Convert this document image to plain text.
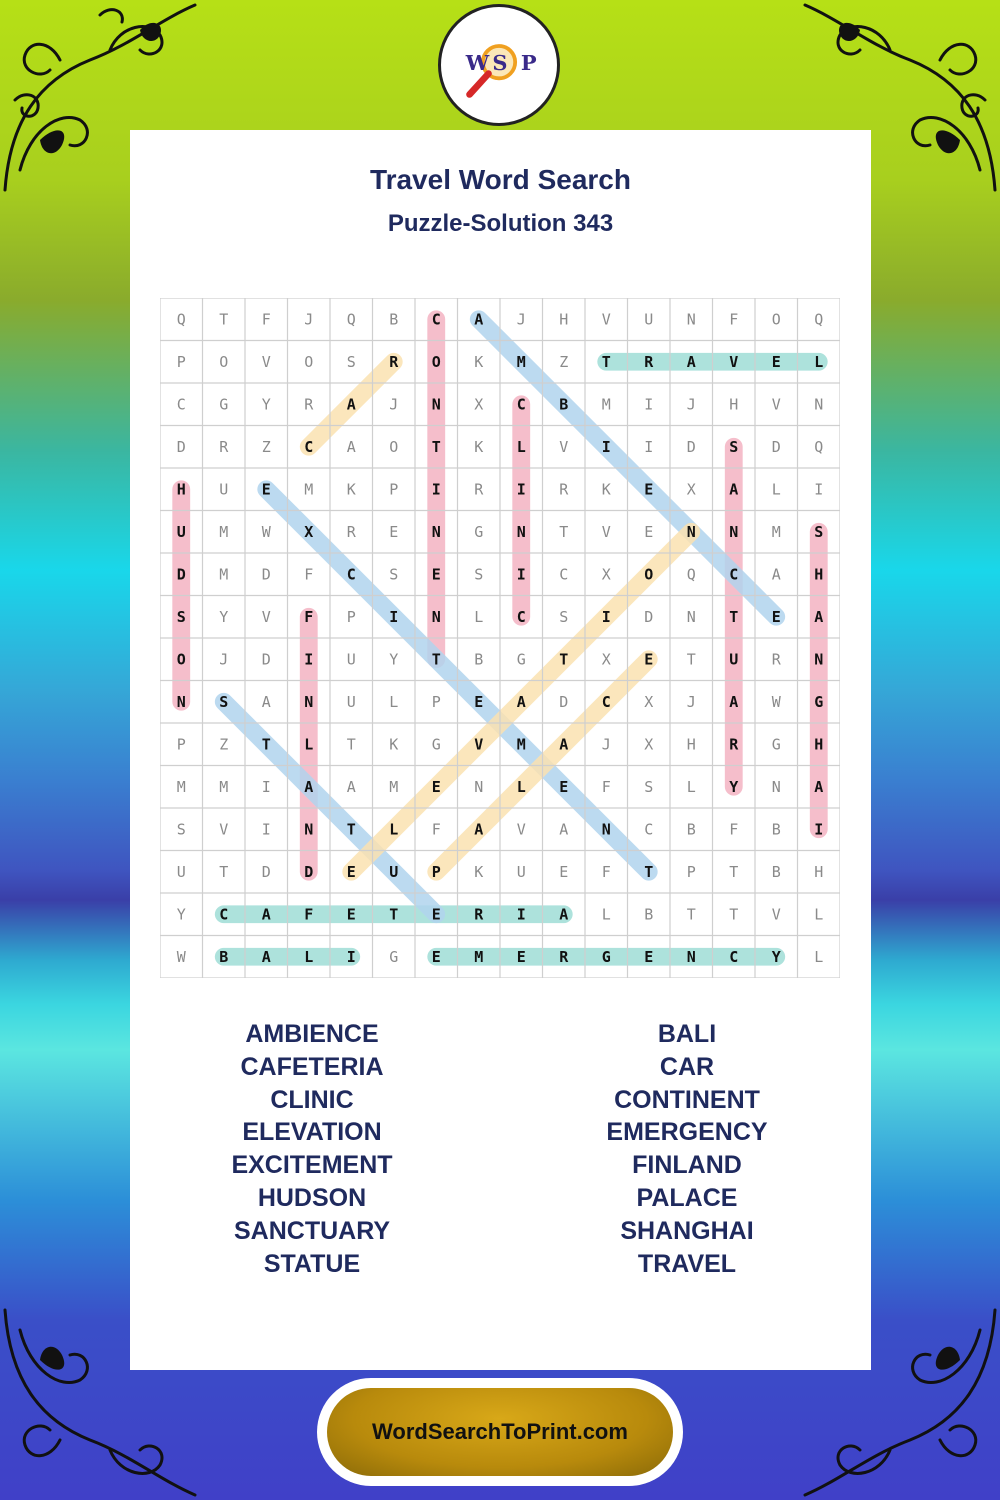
W S P
Travel Word Search
Puzzle-Solution 343
Q T F J Q B C A J H V U N F O Q
P O V O S R O K M Z T R A V E L
C G Y R A J N X C B M I J H V N
D R Z C A O T K L V I I D S D Q
H U E M K P I R I R K E X A L I
U M W X R E N G N T V E N N M S
D M D F C S E S I C X O Q C A H
S Y V F P I N L C S I D N T E A
O J D I U Y T B G T X E T U R N
N S A N U L P E A D C X J A W G
P Z T L T K G V M A J X H R G H
M M I A A M E N L E F S L Y N A
S V I N T L F A V A N C B F B I
U T D D E U P K U E F T P T B H
Y C A F E T E R I A L B T T V L
W B A L I G E M E R G E N C Y L
AMBIENCE
CAFETERIA
CLINIC
ELEVATION
EXCITEMENT
HUDSON
SANCTUARY
STATUE
BALI
CAR
CONTINENT
EMERGENCY
FINLAND
PALACE
SHANGHAI
TRAVEL
WordSearchToPrint.com
